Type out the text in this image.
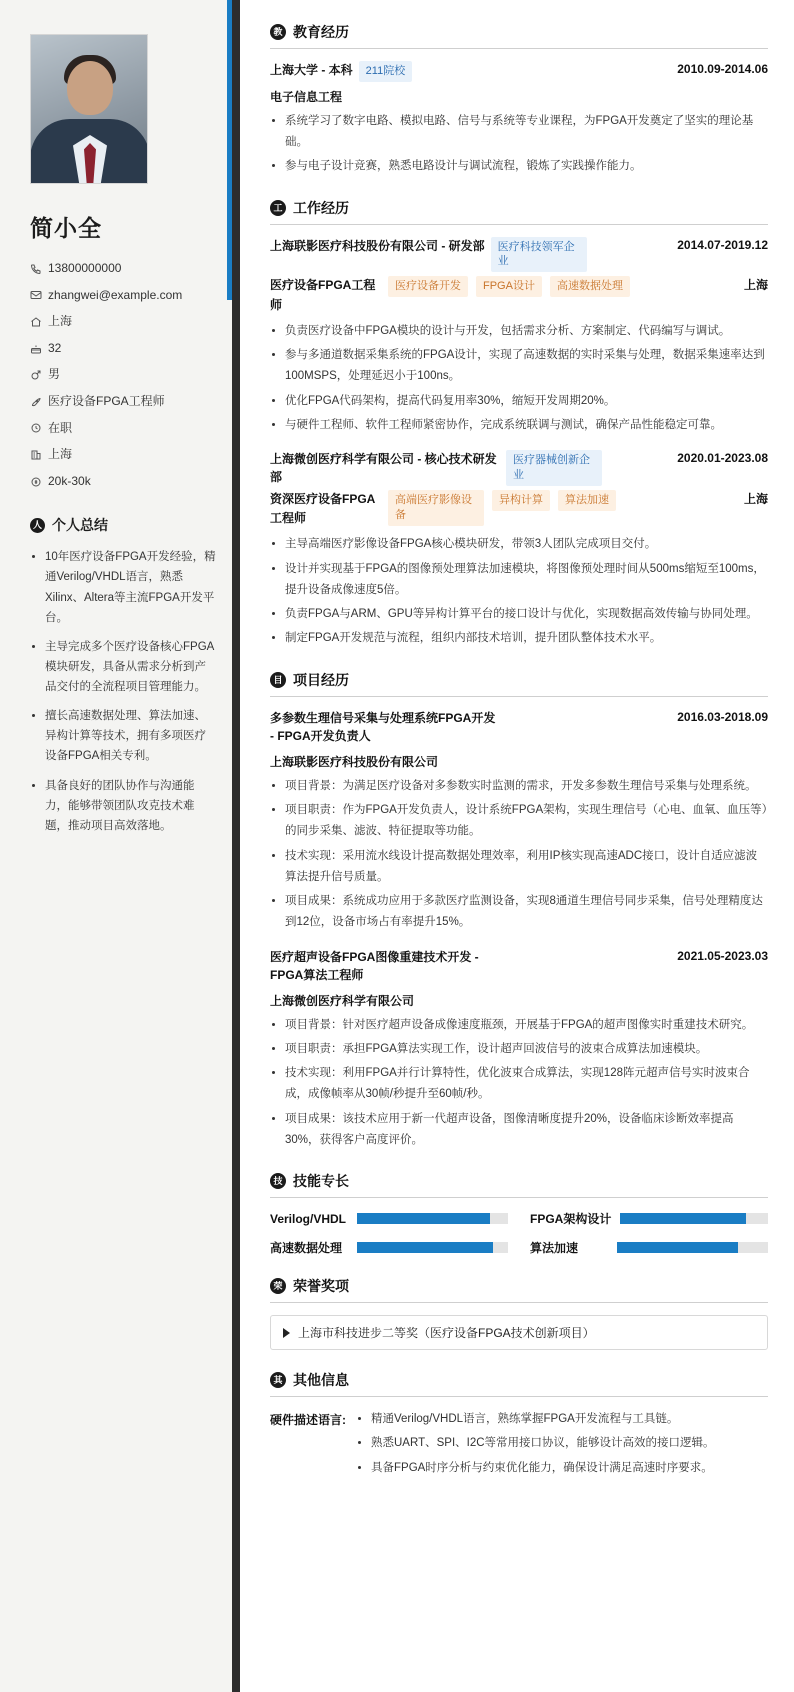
简小全
13800000000
zhangwei@example.com
上海
32
男
医疗设备FPGA工程师
在职
上海
20k-30k
人 个人总结
• 10年医疗设备FPGA开发经验，精通Verilog/VHDL语言，熟悉Xilinx、Altera等主流FPGA开发平台。
• 主导完成多个医疗设备核心FPGA模块研发，具备从需求分析到产品交付的全流程项目管理能力。
• 擅长高速数据处理、算法加速、异构计算等技术，拥有多项医疗设备FPGA相关专利。
• 具备良好的团队协作与沟通能力，能够带领团队攻克技术难题，推动项目高效落地。
教 教育经历
上海大学 - 本科	211院校	2010.09-2014.06
电子信息工程
• 系统学习了数字电路、模拟电路、信号与系统等专业课程，为FPGA开发奠定了坚实的理论基础。
• 参与电子设计竞赛，熟悉电路设计与调试流程，锻炼了实践操作能力。
工 工作经历
上海联影医疗科技股份有限公司 - 研发部	医疗科技领军企业
2014.07-2019.12
医疗设备FPGA工程师
医疗设备开发	FPGA设计	高速数据处理	上海
• 负责医疗设备中FPGA模块的设计与开发，包括需求分析、方案制定、代码编写与调试。
• 参与多通道数据采集系统的FPGA设计，实现了高速数据的实时采集与处理，数据采集速率达到100MSPS，处理延迟小于100ns。
• 优化FPGA代码架构，提高代码复用率30%，缩短开发周期20%。
• 与硬件工程师、软件工程师紧密协作，完成系统联调与测试，确保产品性能稳定可靠。
上海微创医疗科学有限公司 - 核心技术研发部
医疗器械创新企业
2020.01-2023.08
资深医疗设备FPGA工程师
高端医疗影像设备
异构计算	算法加速	上海
• 主导高端医疗影像设备FPGA核心模块研发，带领3人团队完成项目交付。
• 设计并实现基于FPGA的图像预处理算法加速模块，将图像预处理时间从500ms缩短至100ms，提升设备成像速度5倍。
• 负责FPGA与ARM、GPU等异构计算平台的接口设计与优化，实现数据高效传输与协同处理。
• 制定FPGA开发规范与流程，组织内部技术培训，提升团队整体技术水平。
目 项目经历
多参数生理信号采集与处理系统FPGA开发 - FPGA开发负责人
2016.03-2018.09
上海联影医疗科技股份有限公司
• 项目背景：为满足医疗设备对多参数实时监测的需求，开发多参数生理信号采集与处理系统。
• 项目职责：作为FPGA开发负责人，设计系统FPGA架构，实现生理信号（心电、血氧、血压等）的同步采集、滤波、特征提取等功能。
• 技术实现：采用流水线设计提高数据处理效率，利用IP核实现高速ADC接口，设计自适应滤波算法提升信号质量。
• 项目成果：系统成功应用于多款医疗监测设备，实现8通道生理信号同步采集，信号处理精度达到12位，设备市场占有率提升15%。
医疗超声设备FPGA图像重建技术开发 - FPGA算法工程师
2021.05-2023.03
上海微创医疗科学有限公司
• 项目背景：针对医疗超声设备成像速度瓶颈，开展基于FPGA的超声图像实时重建技术研究。
• 项目职责：承担FPGA算法实现工作，设计超声回波信号的波束合成算法加速模块。
• 技术实现：利用FPGA并行计算特性，优化波束合成算法，实现128阵元超声信号实时波束合成，成像帧率从30帧/秒提升至60帧/秒。
• 项目成果：该技术应用于新一代超声设备，图像清晰度提升20%，设备临床诊断效率提高30%，获得客户高度评价。
技 技能专长
Verilog/VHDL	FPGA架构设计
高速数据处理	算法加速
荣 荣誉奖项
上海市科技进步二等奖（医疗设备FPGA技术创新项目）
其 其他信息
硬件描述语言: • 精通Verilog/VHDL语言，熟练掌握FPGA开发流程与工具链。
• 熟悉UART、SPI、I2C等常用接口协议，能够设计高效的接口逻辑。
• 具备FPGA时序分析与约束优化能力，确保设计满足高速时序要求。
